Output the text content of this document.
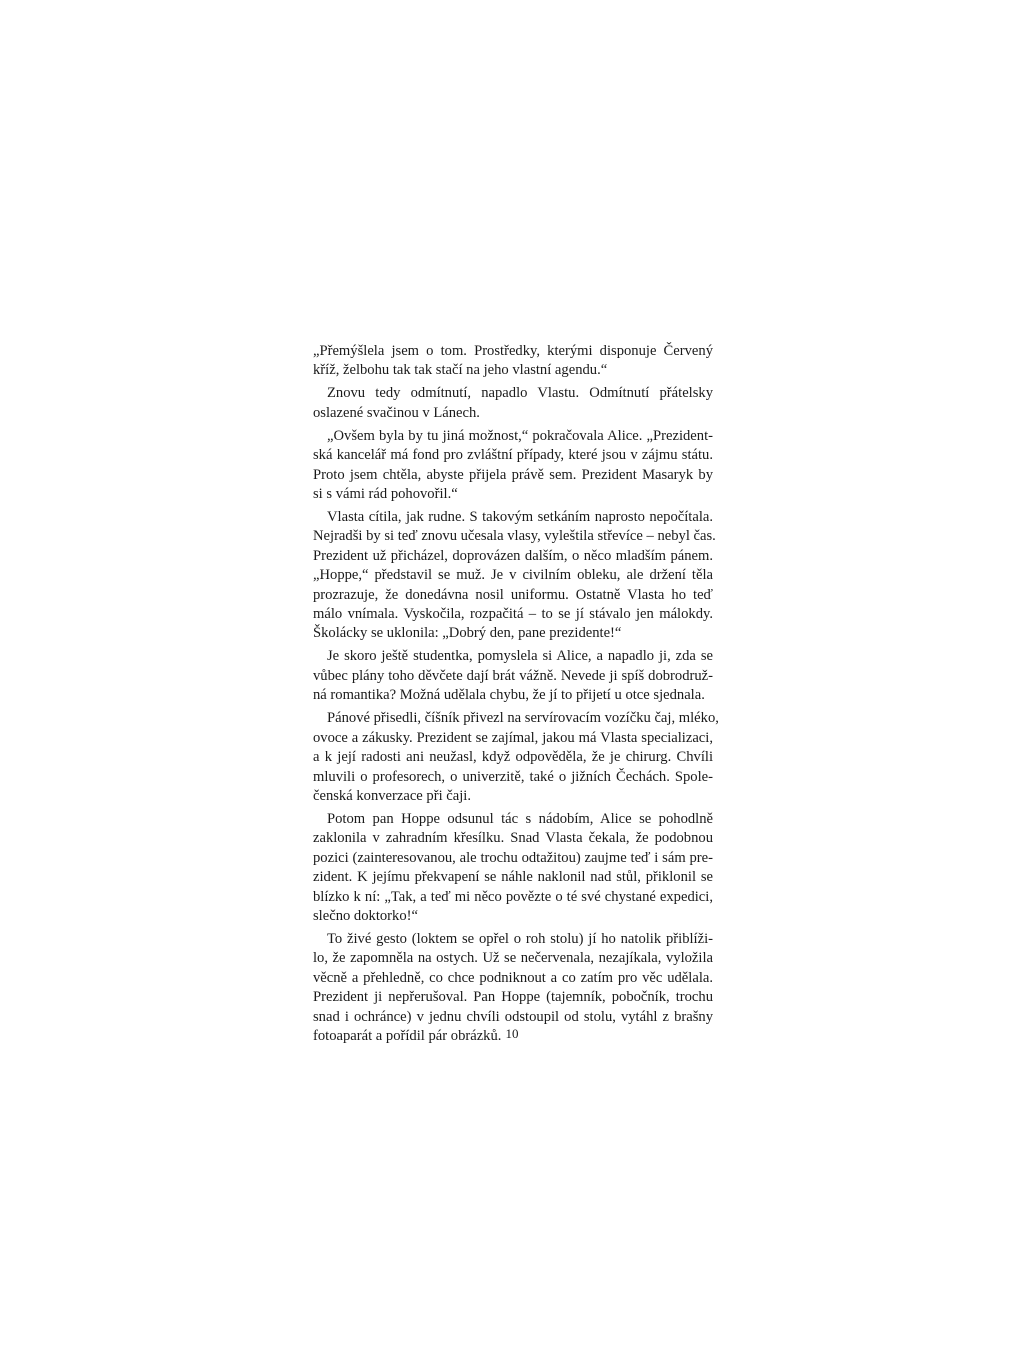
„Přemýšlela jsem o tom. Prostředky, kterými disponuje Červený
kříž, želbohu tak tak stačí na jeho vlastní agendu.“
Znovu tedy odmítnutí, napadlo Vlastu. Odmítnutí přátelsky
oslazené svačinou v Lánech.
„Ovšem byla by tu jiná možnost,“ pokračovala Alice. „Prezident-
ská kancelář má fond pro zvláštní případy, které jsou v zájmu státu.
Proto jsem chtěla, abyste přijela právě sem. Prezident Masaryk by
si s vámi rád pohovořil.“
Vlasta cítila, jak rudne. S takovým setkáním naprosto nepočítala.
Nejradši by si teď znovu učesala vlasy, vyleštila střevíce – nebyl čas.
Prezident už přicházel, doprovázen dalším, o něco mladším pánem.
„Hoppe,“ představil se muž. Je v civilním obleku, ale držení těla
prozrazuje, že donedávna nosil uniformu. Ostatně Vlasta ho teď
málo vnímala. Vyskočila, rozpačitá – to se jí stávalo jen málokdy.
Školácky se uklonila: „Dobrý den, pane prezidente!“
Je skoro ještě studentka, pomyslela si Alice, a napadlo ji, zda se
vůbec plány toho děvčete dají brát vážně. Nevede ji spíš dobrodruž-
ná romantika? Možná udělala chybu, že jí to přijetí u otce sjednala.
Pánové přisedli, číšník přivezl na servírovacím vozíčku čaj, mléko,
ovoce a zákusky. Prezident se zajímal, jakou má Vlasta specializaci,
a k její radosti ani neužasl, když odpověděla, že je chirurg. Chvíli
mluvili o profesorech, o univerzitě, také o jižních Čechách. Spole-
čenská konverzace při čaji.
Potom pan Hoppe odsunul tác s nádobím, Alice se pohodlně
zaklonila v zahradním křesílku. Snad Vlasta čekala, že podobnou
pozici (zainteresovanou, ale trochu odtažitou) zaujme teď i sám pre-
zident. K jejímu překvapení se náhle naklonil nad stůl, přiklonil se
blízko k ní: „Tak, a teď mi něco povězte o té své chystané expedici,
slečno doktorko!“
To živé gesto (loktem se opřel o roh stolu) jí ho natolik přiblíži-
lo, že zapomněla na ostych. Už se nečervenala, nezajíkala, vyložila
věcně a přehledně, co chce podniknout a co zatím pro věc udělala.
Prezident ji nepřerušoval. Pan Hoppe (tajemník, pobočník, trochu
snad i ochránce) v jednu chvíli odstoupil od stolu, vytáhl z brašny
fotoaparát a pořídil pár obrázků. 10
